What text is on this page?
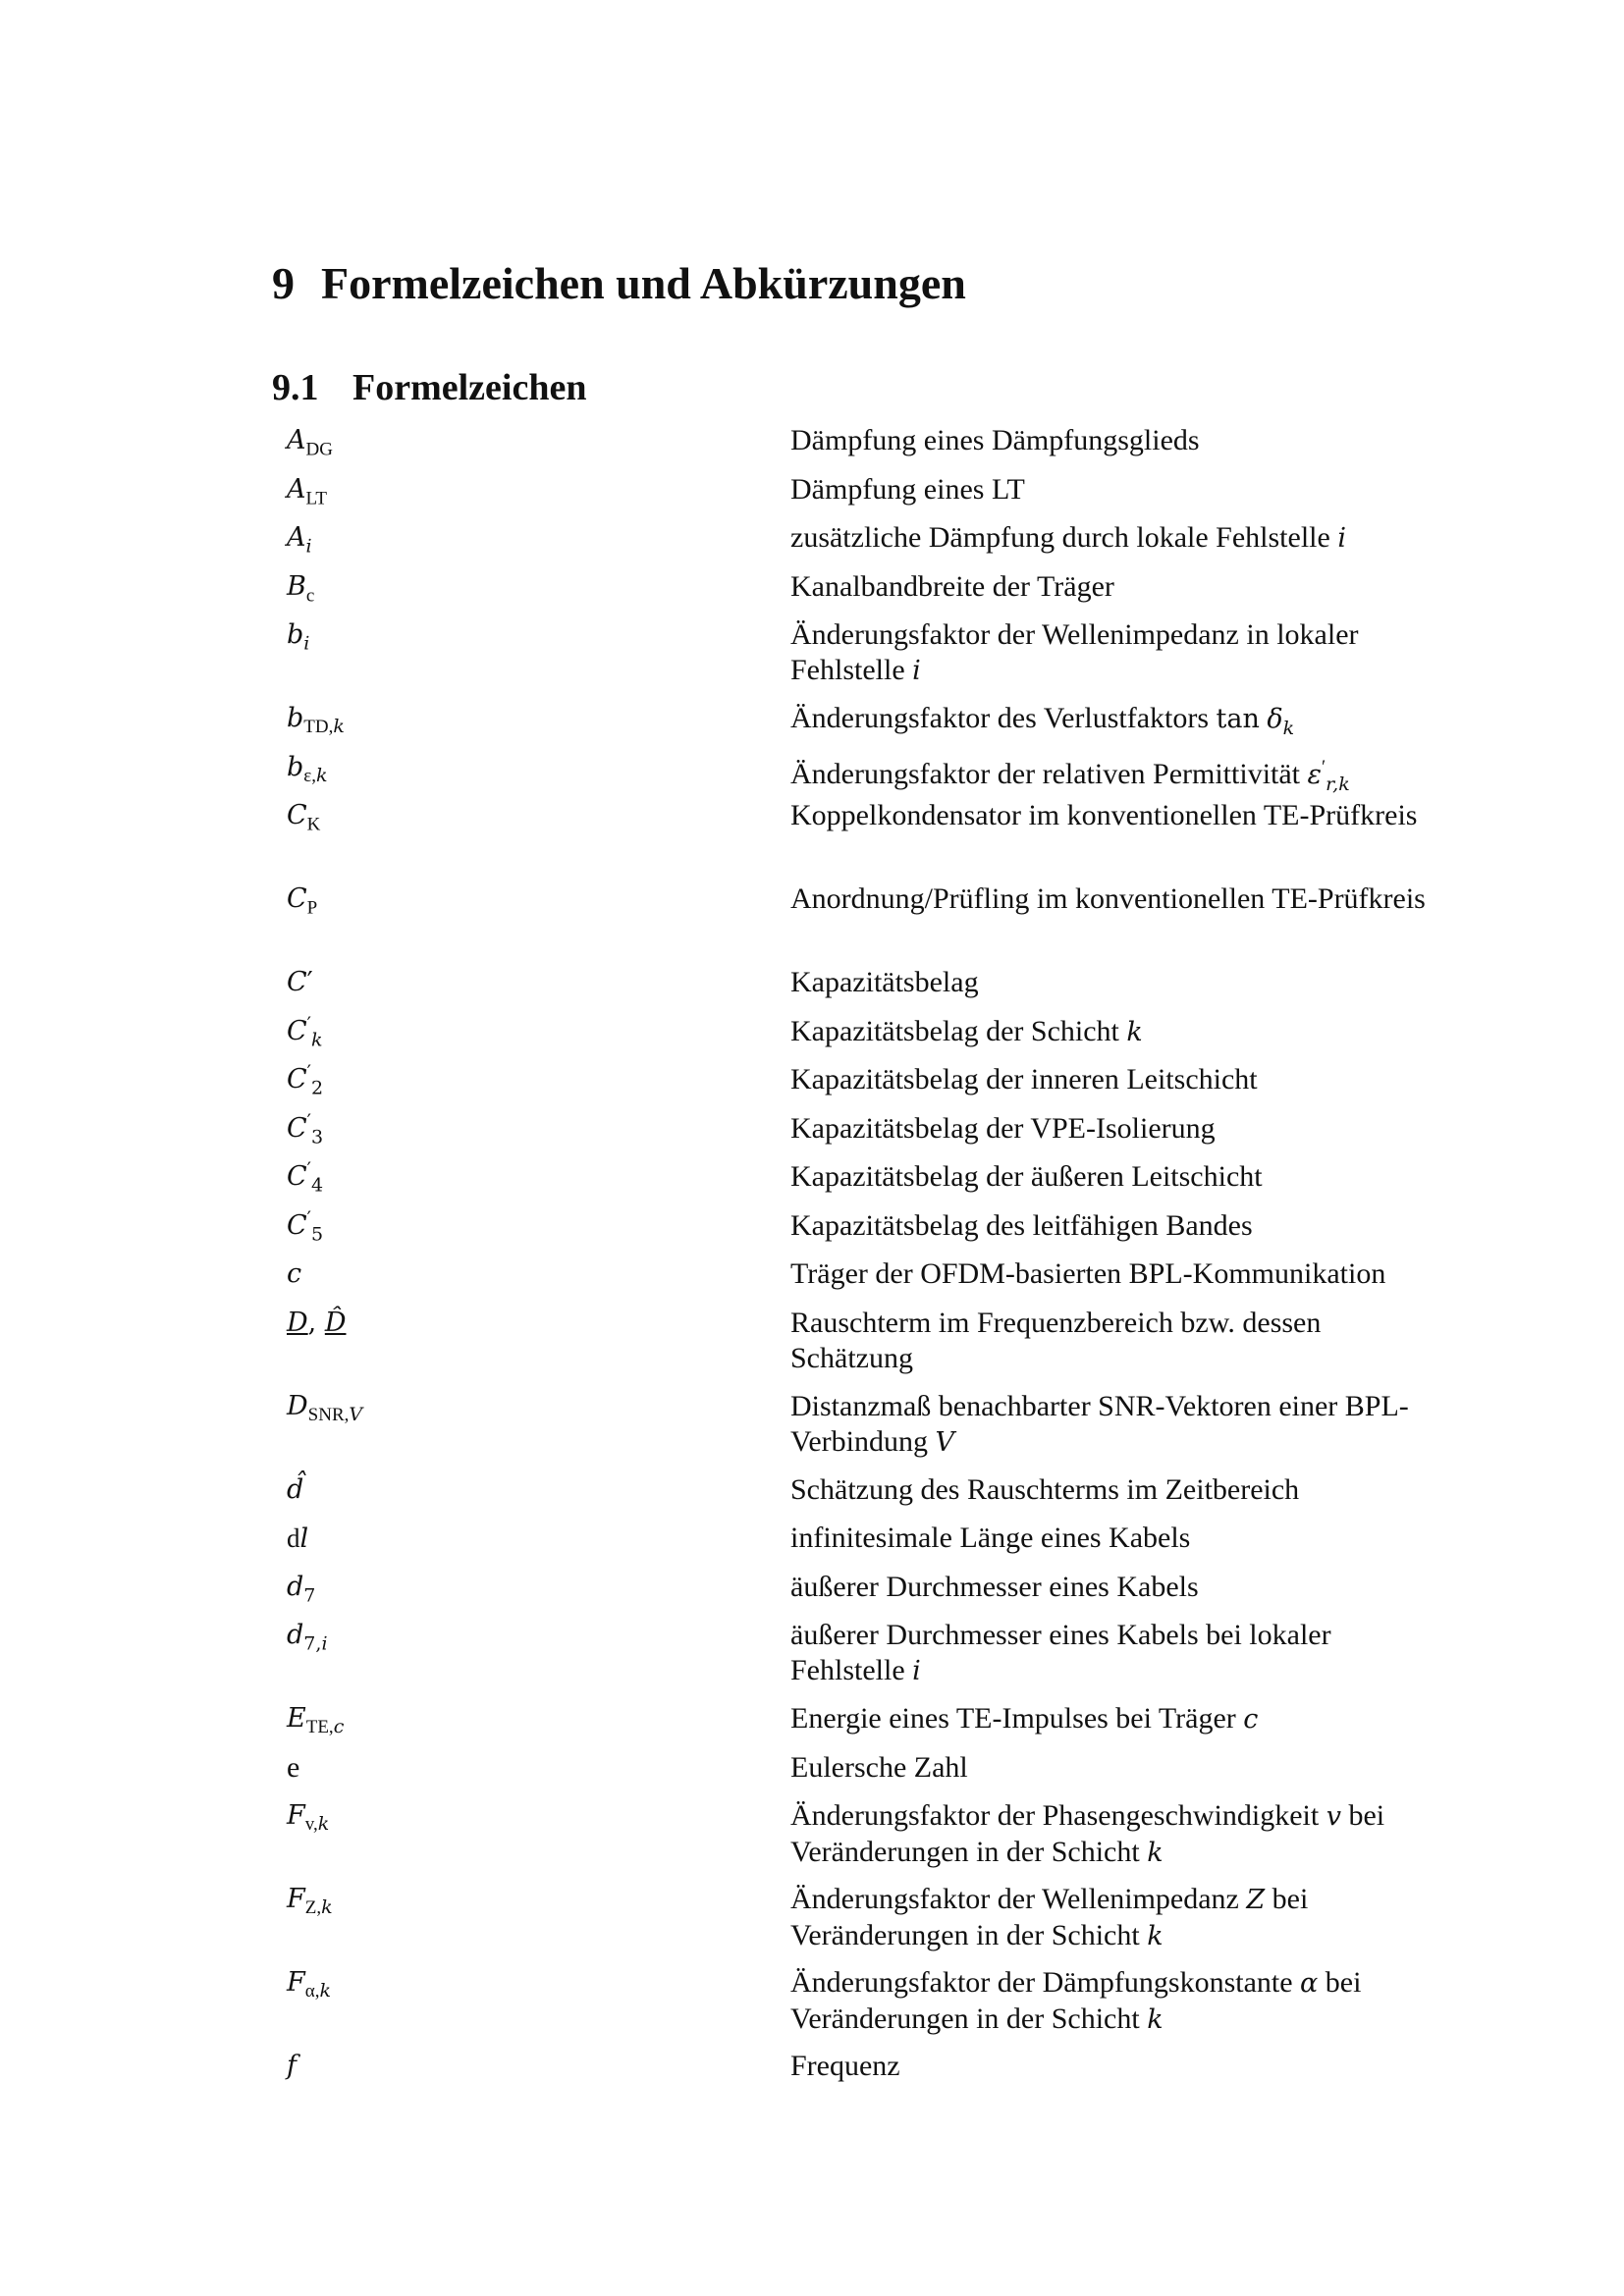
9 Formelzeichen und Abkürzungen
9.1 Formelzeichen
$A_{DG}$	Dämpfung eines Dämpfungsglieds
$A_{LT}$	Dämpfung eines LT
$A_i$	zusätzliche Dämpfung durch lokale Fehlstelle i
$B_c$	Kanalbandbreite der Träger
$b_i$	Änderungsfaktor der Wellenimpedanz in lokaler Fehlstelle i
$b_{TD,k}$	Änderungsfaktor des Verlustfaktors $\tan \delta_k$
$b_{\varepsilon,k}$	Änderungsfaktor der relativen Permittivität $\varepsilon'_{r,k}$
$C_K$	Koppelkondensator im konventionellen TE-Prüfkreis
$C_P$	Anordnung/Prüfling im konventionellen TE-Prüfkreis
C′	Kapazitätsbelag
$C'_k$	Kapazitätsbelag der Schicht k
$C'_2$	Kapazitätsbelag der inneren Leitschicht
$C'_3$	Kapazitätsbelag der VPE-Isolierung
$C'_4$	Kapazitätsbelag der äußeren Leitschicht
$C'_5$	Kapazitätsbelag des leitfähigen Bandes
c	Träger der OFDM-basierten BPL-Kommunikation
D, D̂	Rauschterm im Frequenzbereich bzw. dessen Schätzung
$D_{SNR,V}$	Distanzmaß benachbarter SNR-Vektoren einer BPL-Verbindung V
d̂	Schätzung des Rauschterms im Zeitbereich
dl	infinitesimale Länge eines Kabels
$d_7$	äußerer Durchmesser eines Kabels
$d_{7,i}$	äußerer Durchmesser eines Kabels bei lokaler Fehlstelle i
$E_{TE,c}$	Energie eines TE-Impulses bei Träger c
e	Eulersche Zahl
$F_{v,k}$	Änderungsfaktor der Phasengeschwindigkeit v bei Veränderungen in der Schicht k
$F_{Z,k}$	Änderungsfaktor der Wellenimpedanz Z bei Veränderungen in der Schicht k
$F_{\alpha,k}$	Änderungsfaktor der Dämpfungskonstante α bei Veränderungen in der Schicht k
f	Frequenz
